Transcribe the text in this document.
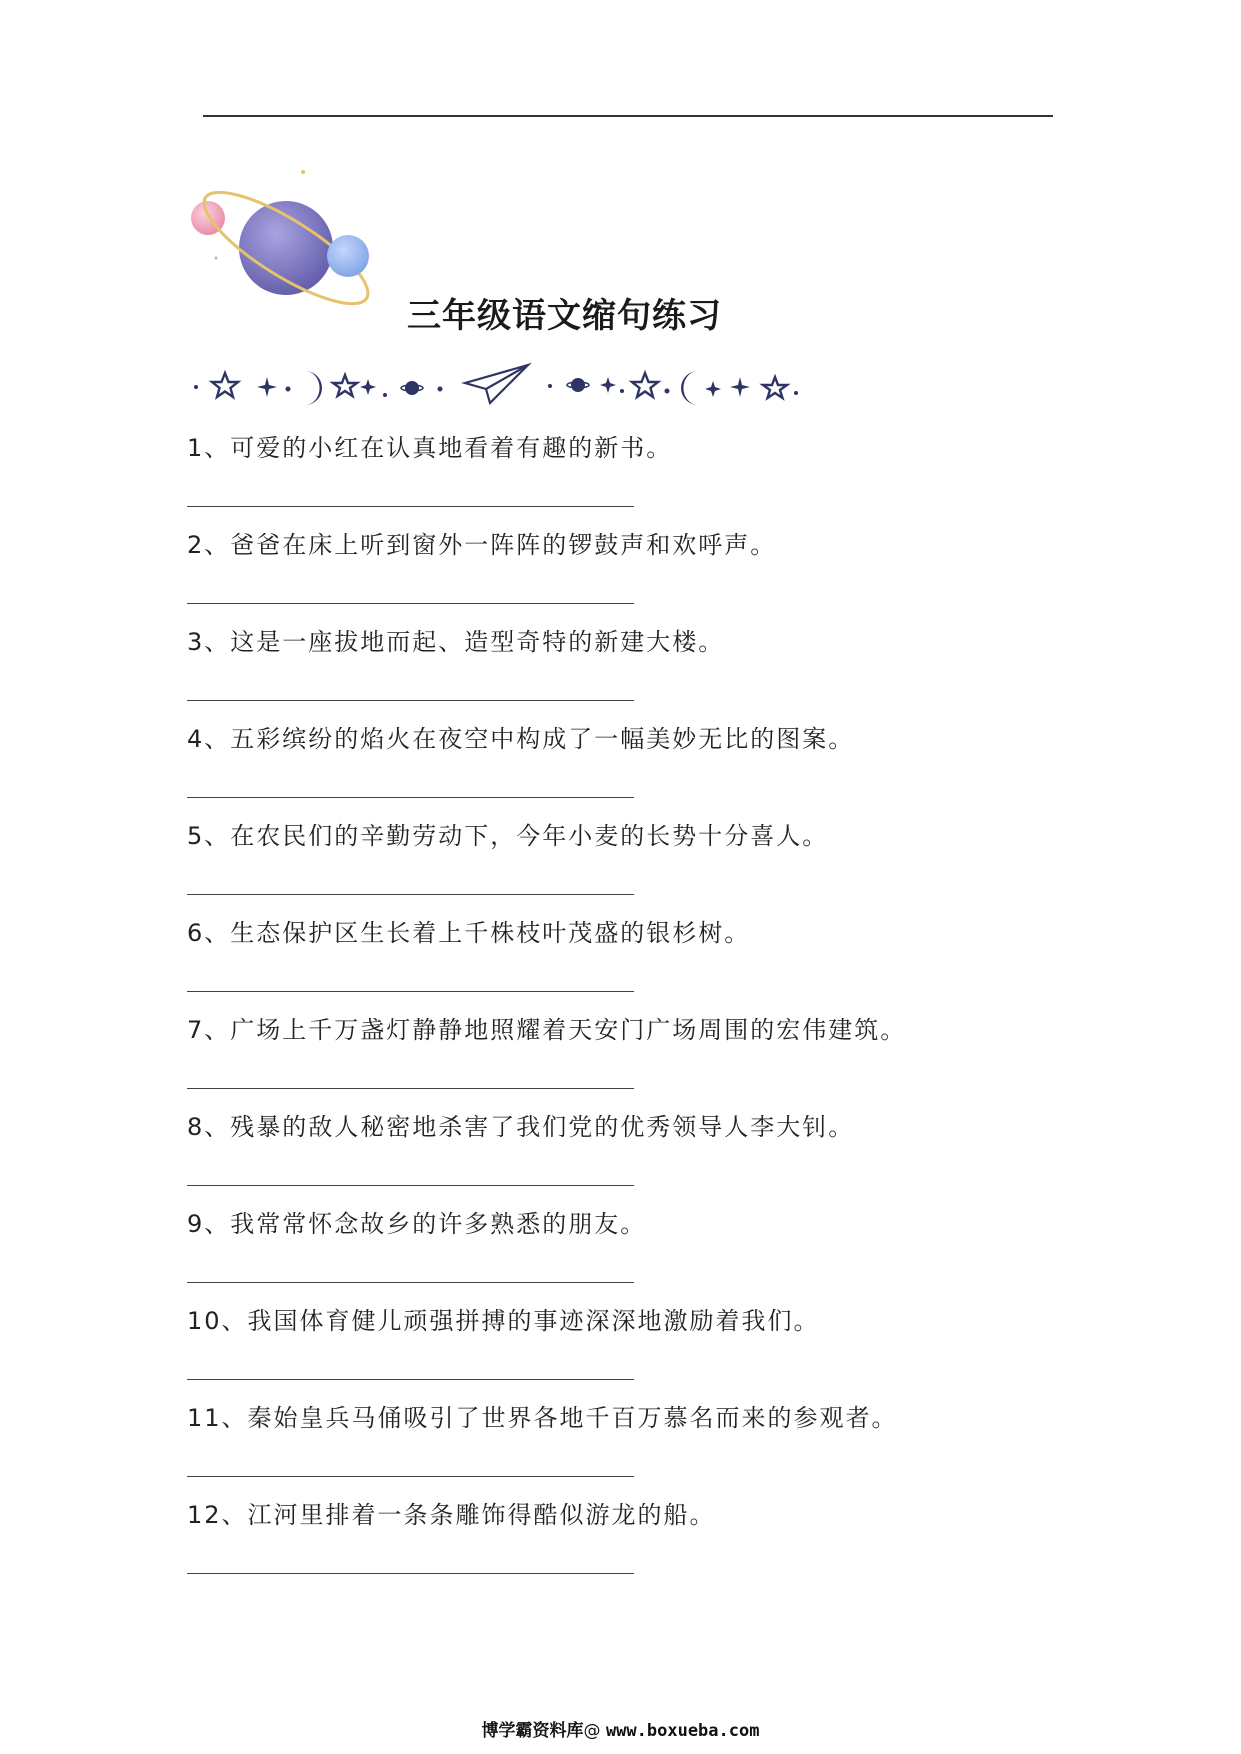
三年级语文缩句练习
1、可爱的小红在认真地看着有趣的新书。
2、爸爸在床上听到窗外一阵阵的锣鼓声和欢呼声。
3、这是一座拔地而起、造型奇特的新建大楼。
4、五彩缤纷的焰火在夜空中构成了一幅美妙无比的图案。
5、在农民们的辛勤劳动下，今年小麦的长势十分喜人。
6、生态保护区生长着上千株枝叶茂盛的银杉树。
7、广场上千万盏灯静静地照耀着天安门广场周围的宏伟建筑。
8、残暴的敌人秘密地杀害了我们党的优秀领导人李大钊。
9、我常常怀念故乡的许多熟悉的朋友。
10、我国体育健儿顽强拼搏的事迹深深地激励着我们。
11、秦始皇兵马俑吸引了世界各地千百万慕名而来的参观者。
12、江河里排着一条条雕饰得酷似游龙的船。
博学霸资料库@ www.boxueba.com
